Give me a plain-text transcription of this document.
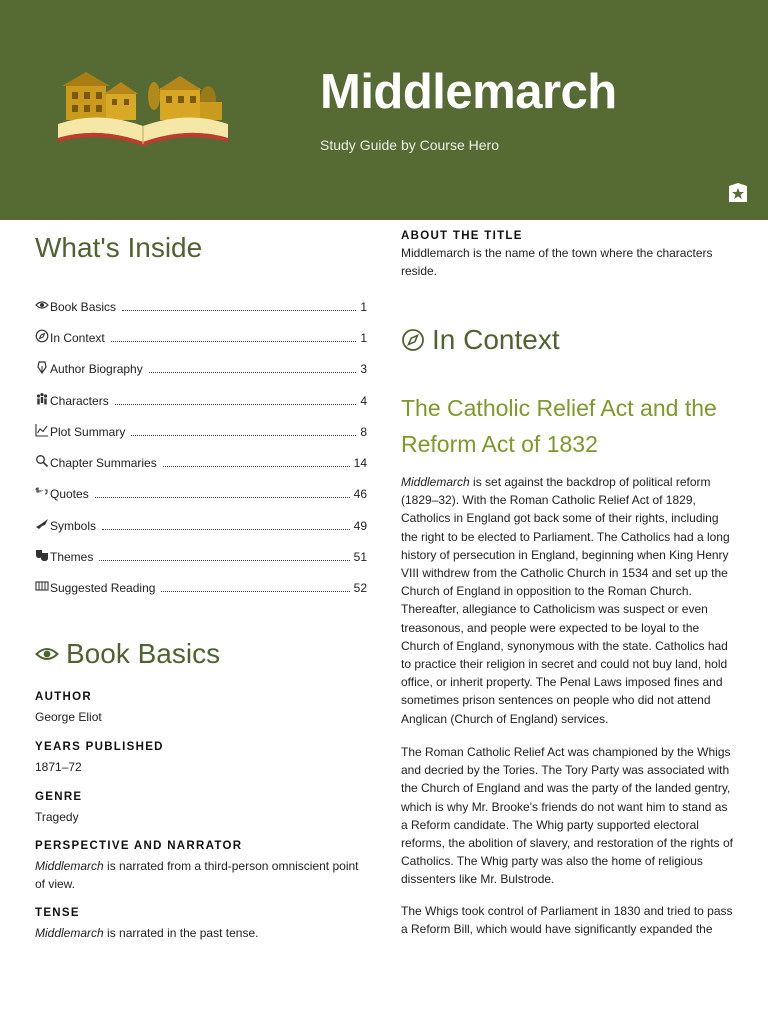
Middlemarch
Study Guide by Course Hero
What's Inside
Book Basics	1
In Context	1
Author Biography	3
Characters	4
Plot Summary	8
Chapter Summaries	14
” Quotes	46
Symbols	49
Themes	51
Suggested Reading	52
Book Basics
AUTHOR
George Eliot
YEARS PUBLISHED
1871–72
GENRE
Tragedy
PERSPECTIVE AND NARRATOR
Middlemarch is narrated from a third-person omniscient point of view.
TENSE
Middlemarch is narrated in the past tense.
ABOUT THE TITLE
Middlemarch is the name of the town where the characters reside.
In Context
The Catholic Relief Act and the Reform Act of 1832
Middlemarch is set against the backdrop of political reform (1829–32). With the Roman Catholic Relief Act of 1829, Catholics in England got back some of their rights, including the right to be elected to Parliament. The Catholics had a long history of persecution in England, beginning when King Henry VIII withdrew from the Catholic Church in 1534 and set up the Church of England in opposition to the Roman Church. Thereafter, allegiance to Catholicism was suspect or even treasonous, and people were expected to be loyal to the Church of England, synonymous with the state. Catholics had to practice their religion in secret and could not buy land, hold office, or inherit property. The Penal Laws imposed fines and sometimes prison sentences on people who did not attend Anglican (Church of England) services.
The Roman Catholic Relief Act was championed by the Whigs and decried by the Tories. The Tory Party was associated with the Church of England and was the party of the landed gentry, which is why Mr. Brooke's friends do not want him to stand as a Reform candidate. The Whig party supported electoral reforms, the abolition of slavery, and restoration of the rights of Catholics. The Whig party was also the home of religious dissenters like Mr. Bulstrode.
The Whigs took control of Parliament in 1830 and tried to pass a Reform Bill, which would have significantly expanded the
